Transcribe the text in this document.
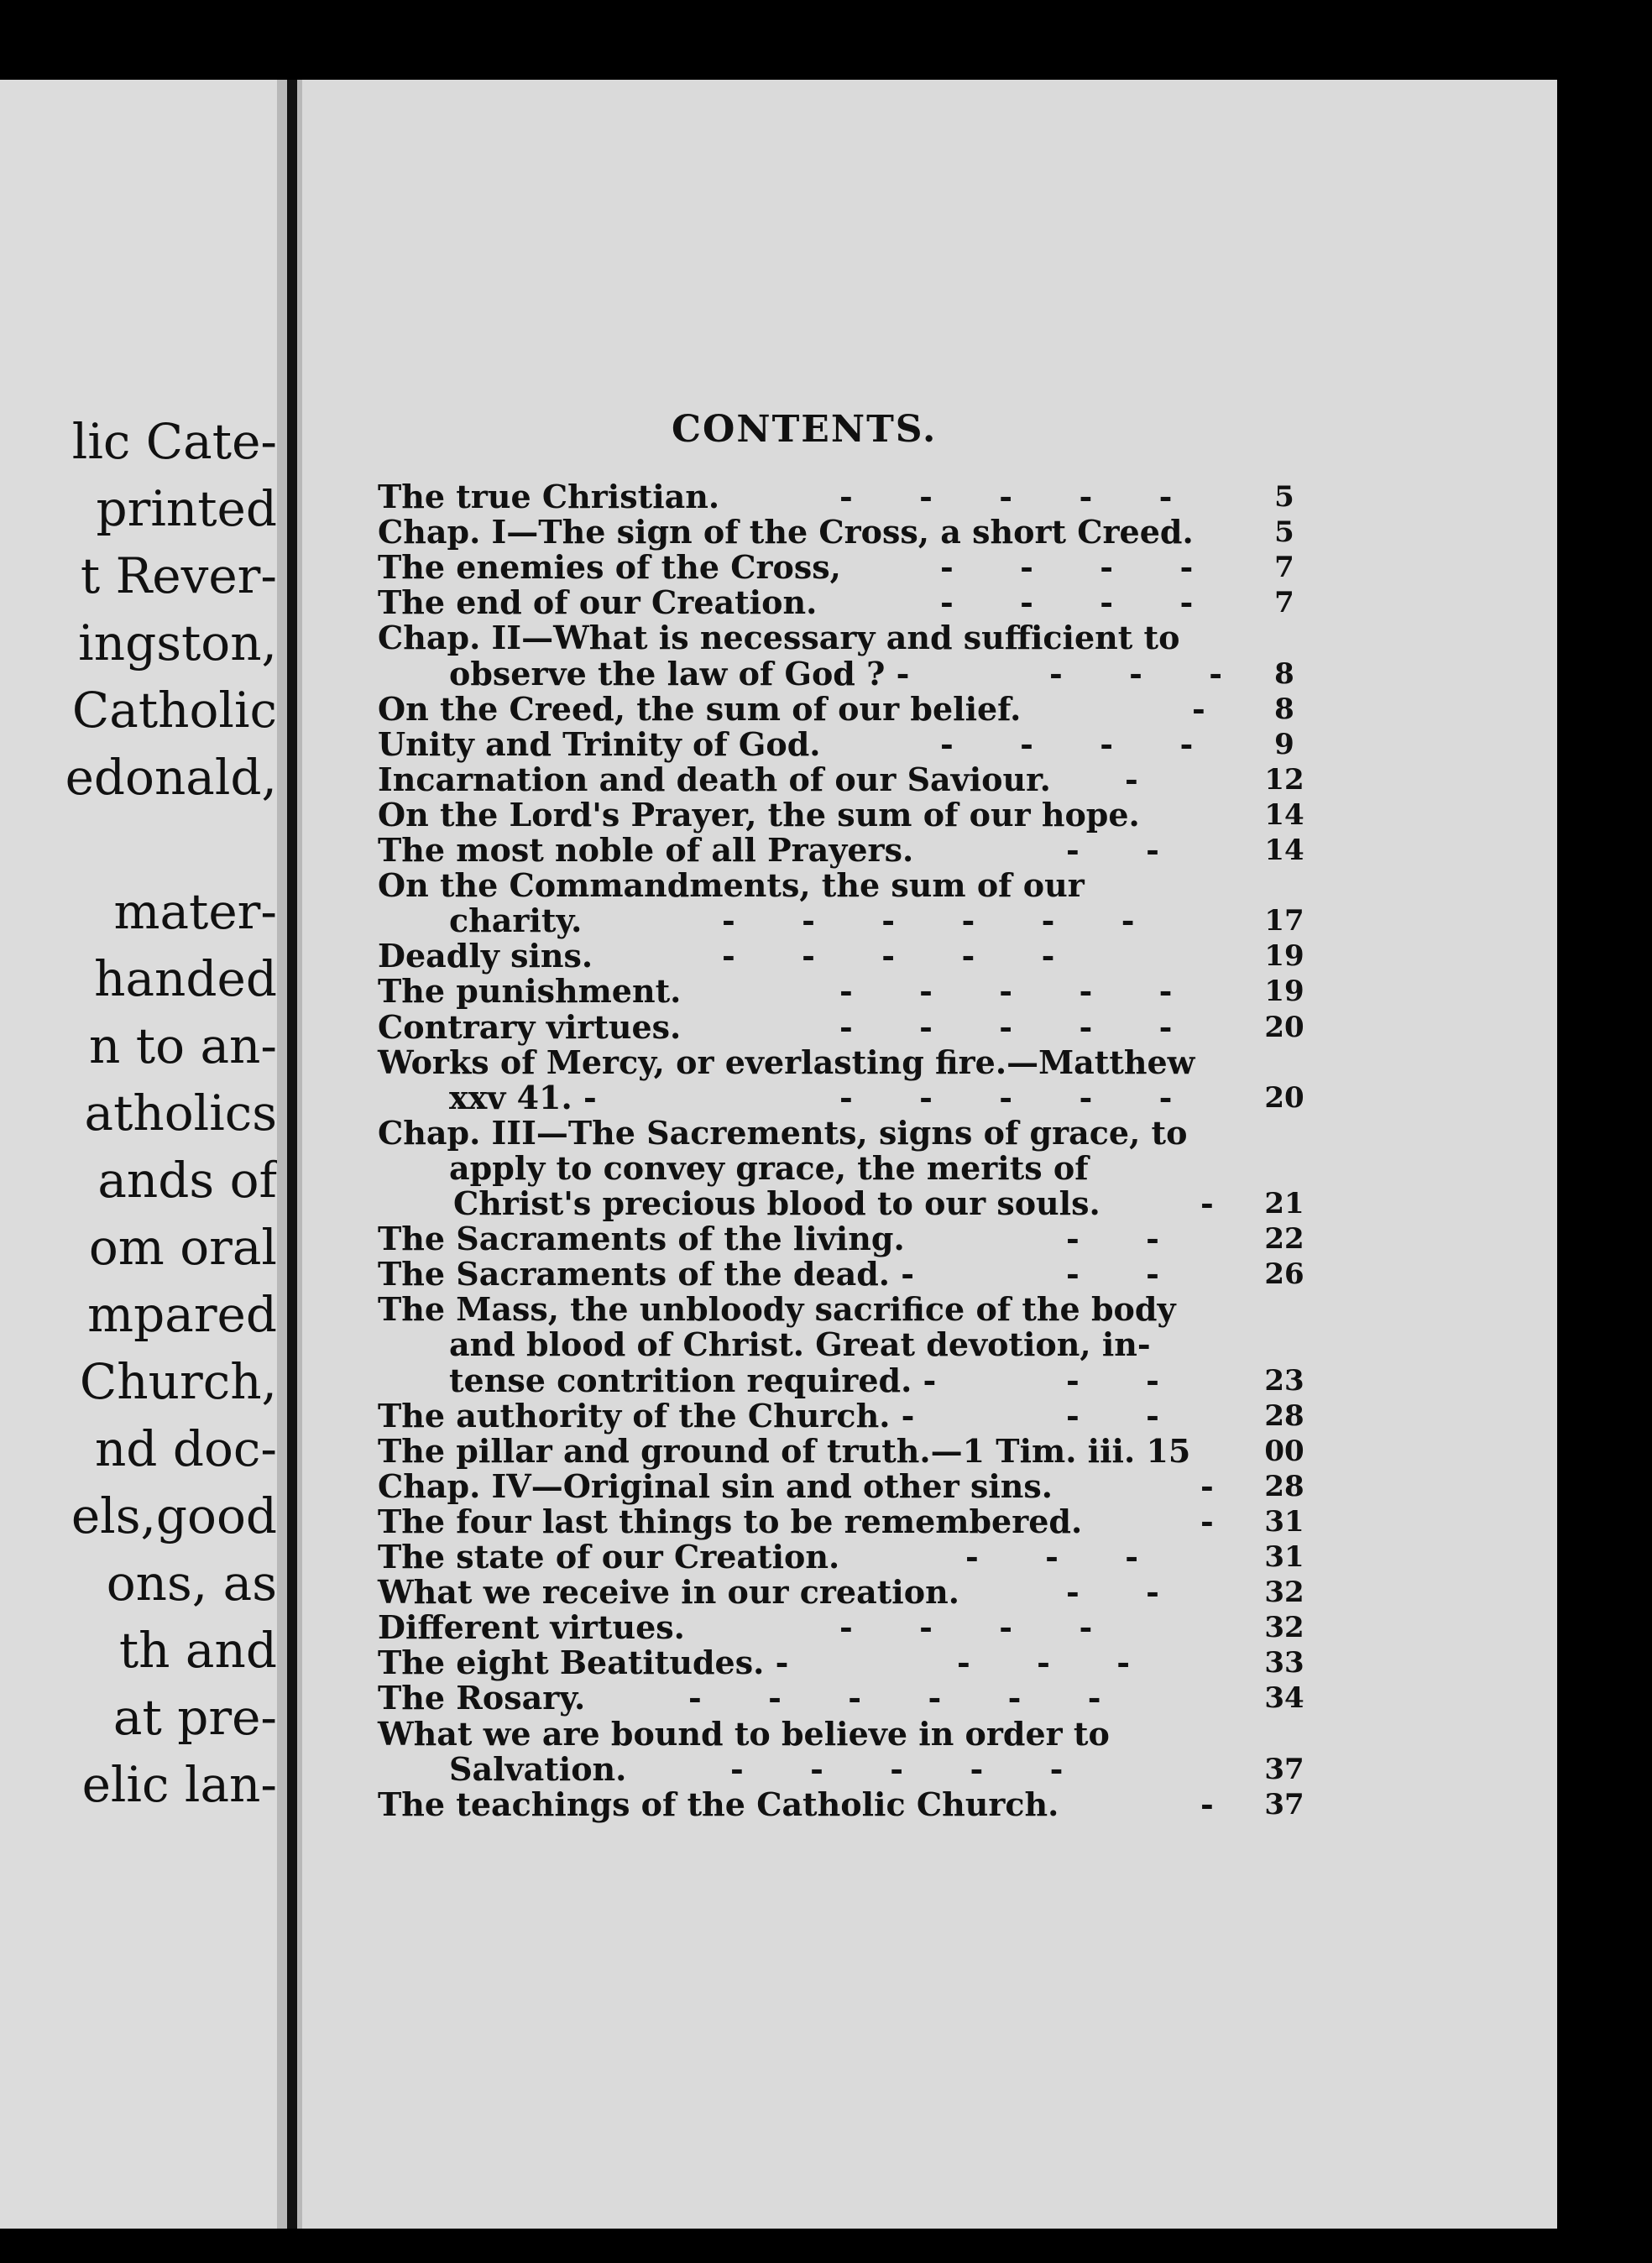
lic Cate-
printed
t Rever-
ingston,
Catholic
edonald,
mater-
handed
n to an-
atholics
ands of
om oral
mpared
Church,
nd doc-
els,good
ons, as
th and
at pre-
elic lan-
CONTENTS.
The true Christian.	-      -      -      -      -	5
Chap. I—The sign of the Cross, a short Creed.	5
The enemies of the Cross,	-      -      -      -	7
The end of our Creation.	-      -      -      -	7
Chap. II—What is necessary and sufficient to
observe the law of God ? -	-      -      -	8
On the Creed, the sum of our belief.	-	8
Unity and Trinity of God.	-      -      -      -	9
Incarnation and death of our Saviour. -	12
On the Lord's Prayer, the sum of our hope.	14
The most noble of all Prayers.	-      -	14
On the Commandments, the sum of our
charity.	-      -      -      -      -      -	17
Deadly sins.	-      -      -      -      -	19
The punishment.	-      -      -      -      -	19
Contrary virtues.	-      -      -      -      -	20
Works of Mercy, or everlasting fire.—Matthew
xxv 41. -	-      -      -      -      -	20
Chap. III—The Sacrements, signs of grace, to
apply to convey grace, the merits of
Christ's precious blood to our souls.	- 21
The Sacraments of the living.	-      -	22
The Sacraments of the dead. -	-      -	26
The Mass, the unbloody sacrifice of the body
and blood of Christ. Great devotion, in-
tense contrition required. -	-      -	23
The authority of the Church. -	-      -	28
The pillar and ground of truth.—1 Tim. iii. 15	00
Chap. IV—Original sin and other sins.	- 28
The four last things to be remembered.	- 31
The state of our Creation.	-      -      -	31
What we receive in our creation.	-      -	32
Different virtues.	-      -      -      -	32
The eight Beatitudes. -	-      -      -	33
The Rosary.	-      -      -      -      -      -	34
What we are bound to believe in order to
Salvation.	-      -      -      -      -	37
The teachings of the Catholic Church.	- 37
